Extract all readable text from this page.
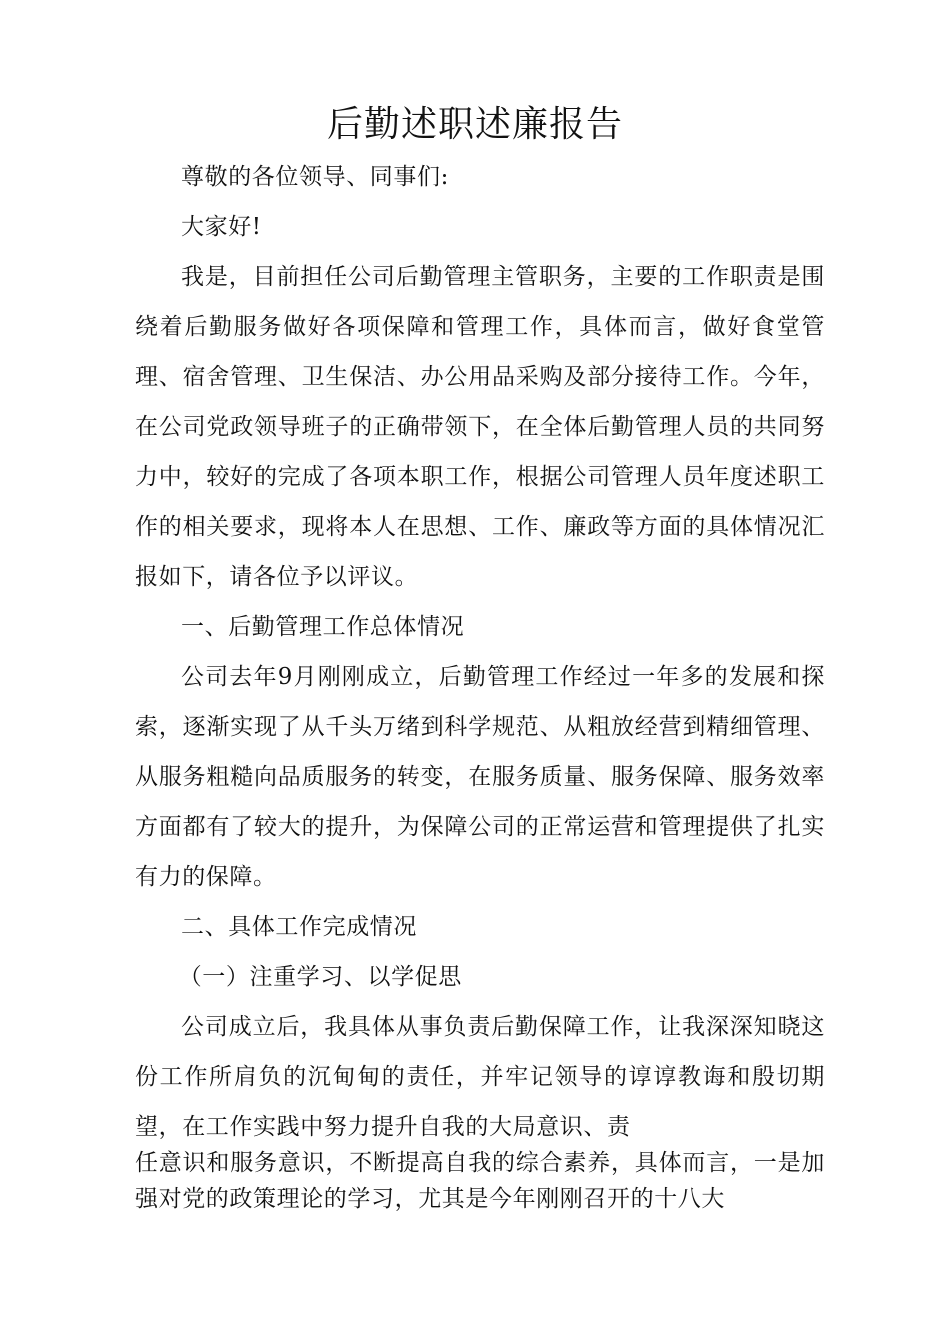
后勤述职述廉报告

尊敬的各位领导、同事们:

大家好!

我是，目前担任公司后勤管理主管职务，主要的工作职责是围绕着后勤服务做好各项保障和管理工作，具体而言，做好食堂管理、宿舍管理、卫生保洁、办公用品采购及部分接待工作。今年，在公司党政领导班子的正确带领下，在全体后勤管理人员的共同努力中，较好的完成了各项本职工作，根据公司管理人员年度述职工作的相关要求，现将本人在思想、工作、廉政等方面的具体情况汇报如下，请各位予以评议。

一、后勤管理工作总体情况

公司去年9月刚刚成立，后勤管理工作经过一年多的发展和探索，逐渐实现了从千头万绪到科学规范、从粗放经营到精细管理、从服务粗糙向品质服务的转变，在服务质量、服务保障、服务效率方面都有了较大的提升，为保障公司的正常运营和管理提供了扎实有力的保障。

二、具体工作完成情况

（一）注重学习、以学促思

公司成立后，我具体从事负责后勤保障工作，让我深深知晓这份工作所肩负的沉甸甸的责任，并牢记领导的谆谆教诲和殷切期望，在工作实践中努力提升自我的大局意识、责

任意识和服务意识，不断提高自我的综合素养，具体而言，一是加强对党的政策理论的学习，尤其是今年刚刚召开的十八大
